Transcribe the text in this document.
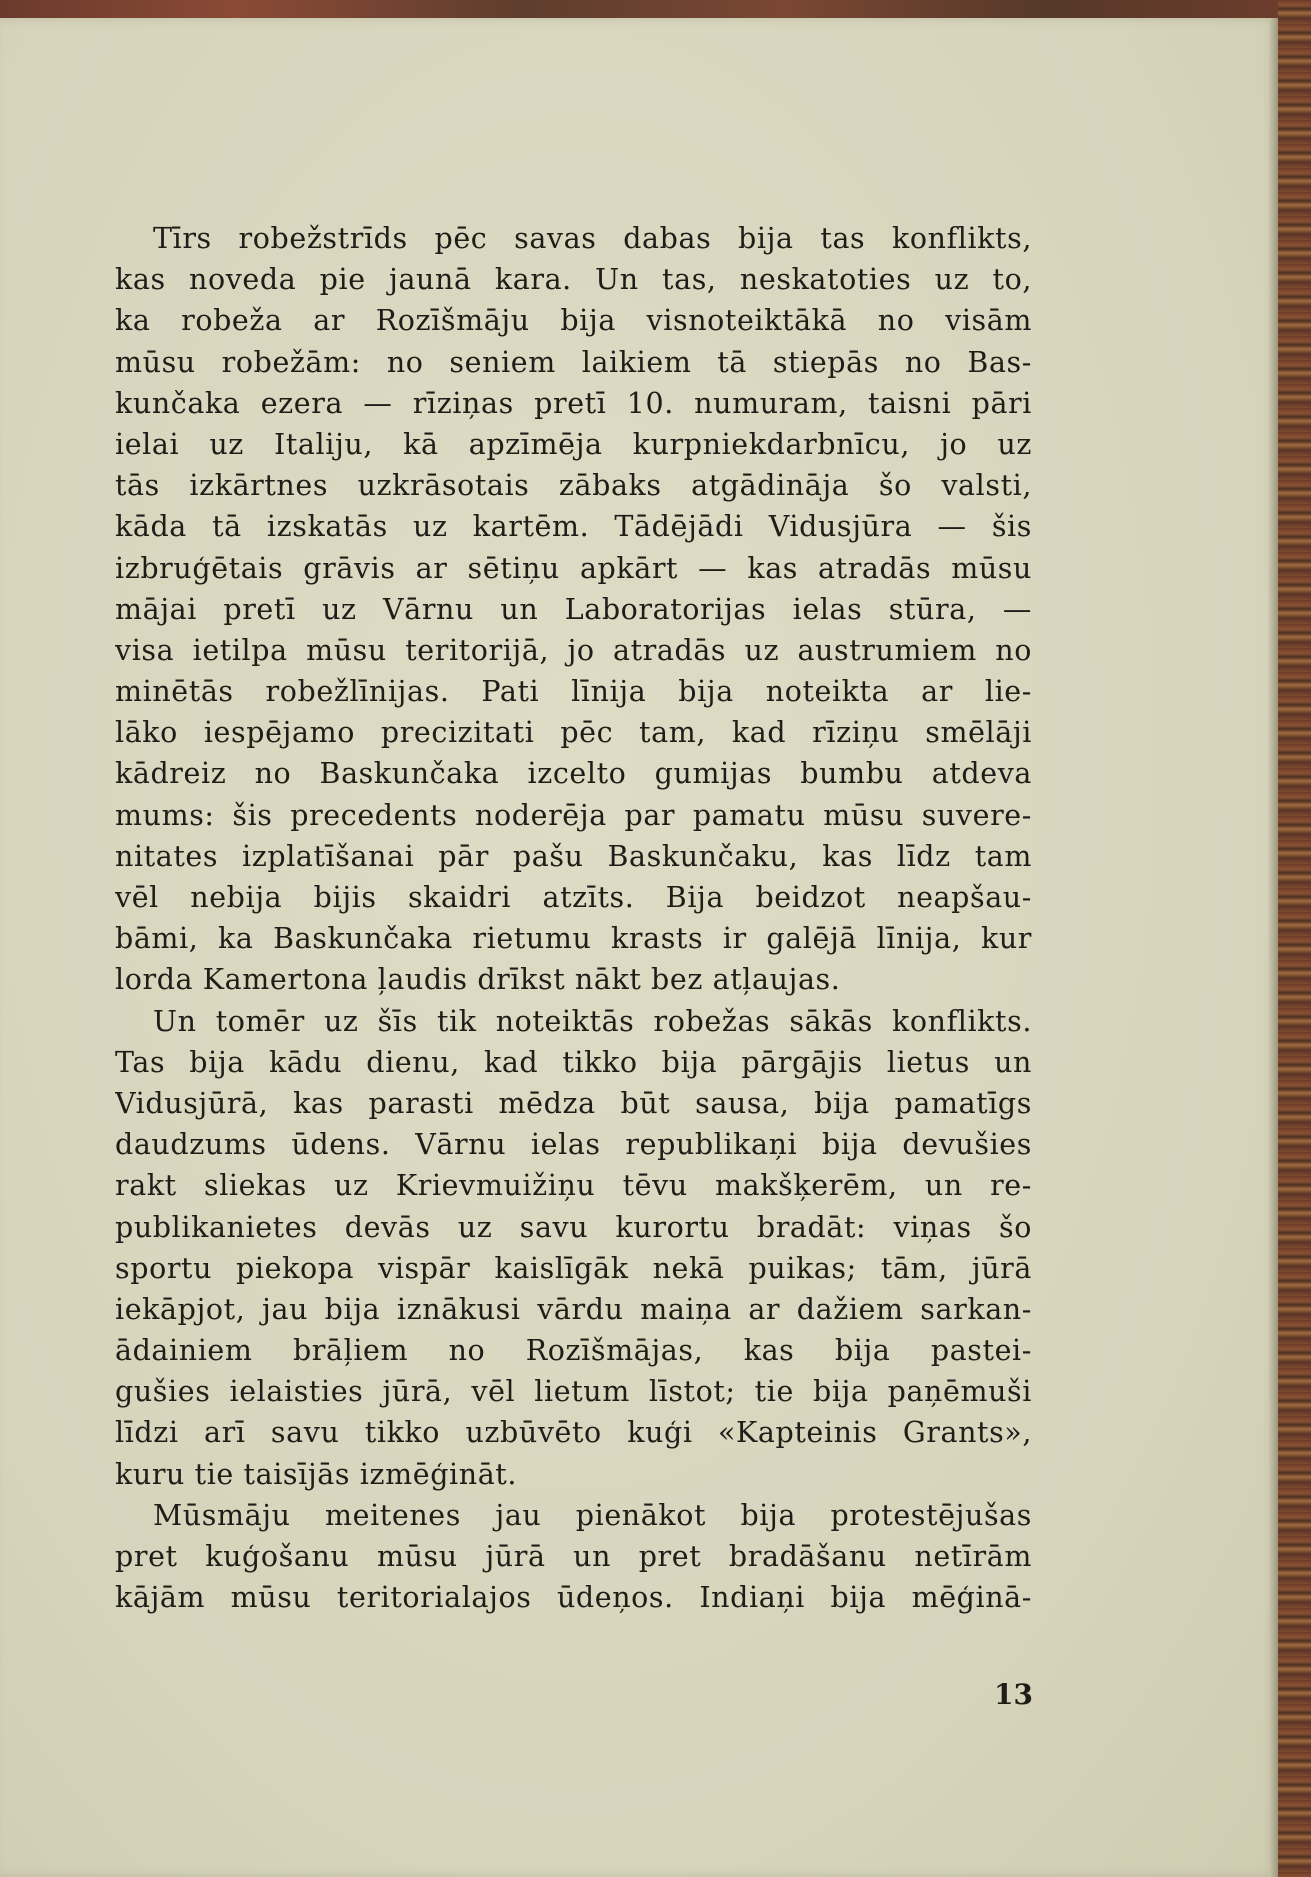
Tīrs robežstrīds pēc savas dabas bija tas konflikts,
kas noveda pie jaunā kara. Un tas, neskatoties uz to,
ka robeža ar Rozīšmāju bija visnoteiktākā no visām
mūsu robežām: no seniem laikiem tā stiepās no Bas-
kunčaka ezera — rīziņas pretī 10. numuram, taisni pāri
ielai uz Italiju, kā apzīmēja kurpniekdarbnīcu, jo uz
tās izkārtnes uzkrāsotais zābaks atgādināja šo valsti,
kāda tā izskatās uz kartēm. Tādējādi Vidusjūra — šis
izbruģētais grāvis ar sētiņu apkārt — kas atradās mūsu
mājai pretī uz Vārnu un Laboratorijas ielas stūra, —
visa ietilpa mūsu teritorijā, jo atradās uz austrumiem no
minētās robežlīnijas. Pati līnija bija noteikta ar lie-
lāko iespējamo precizitati pēc tam, kad rīziņu smēlāji
kādreiz no Baskunčaka izcelto gumijas bumbu atdeva
mums: šis precedents noderēja par pamatu mūsu suvere-
nitates izplatīšanai pār pašu Baskunčaku, kas līdz tam
vēl nebija bijis skaidri atzīts. Bija beidzot neapšau-
bāmi, ka Baskunčaka rietumu krasts ir galējā līnija, kur
lorda Kamertona ļaudis drīkst nākt bez atļaujas.
Un tomēr uz šīs tik noteiktās robežas sākās konflikts.
Tas bija kādu dienu, kad tikko bija pārgājis lietus un
Vidusjūrā, kas parasti mēdza būt sausa, bija pamatīgs
daudzums ūdens. Vārnu ielas republikaņi bija devušies
rakt sliekas uz Krievmuižiņu tēvu makšķerēm, un re-
publikanietes devās uz savu kurortu bradāt: viņas šo
sportu piekopa vispār kaislīgāk nekā puikas; tām, jūrā
iekāpjot, jau bija iznākusi vārdu maiņa ar dažiem sarkan-
ādainiem brāļiem no Rozīšmājas, kas bija pastei-
gušies ielaisties jūrā, vēl lietum līstot; tie bija paņēmuši
līdzi arī savu tikko uzbūvēto kuģi «Kapteinis Grants»,
kuru tie taisījās izmēģināt.
Mūsmāju meitenes jau pienākot bija protestējušas
pret kuģošanu mūsu jūrā un pret bradāšanu netīrām
kājām mūsu teritorialajos ūdeņos. Indiaņi bija mēģinā-
13
